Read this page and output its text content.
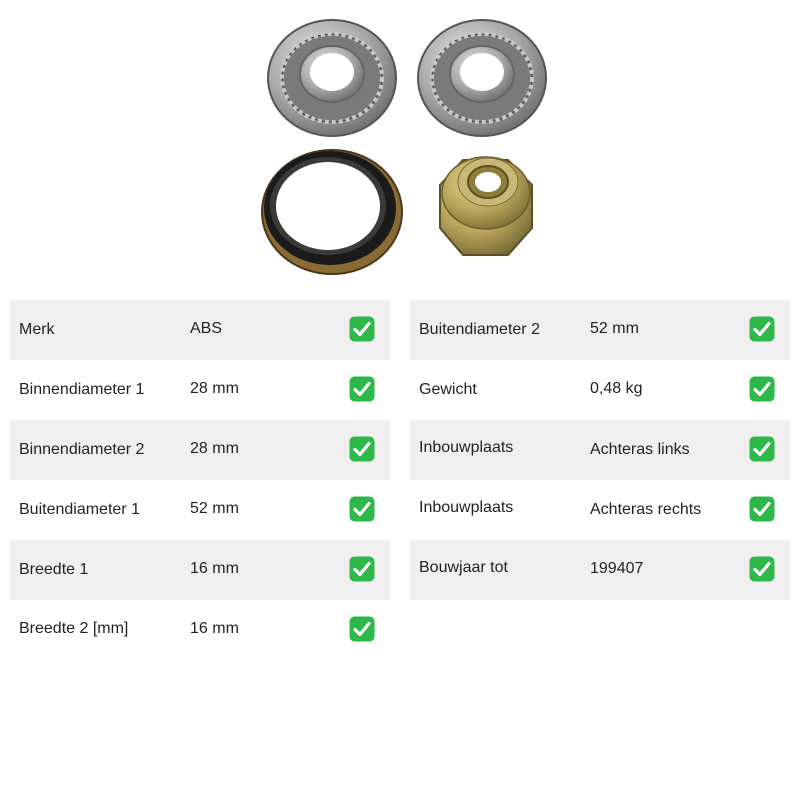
Merk	ABS
Binnendiameter 1	28 mm
Binnendiameter 2	28 mm
Buitendiameter 1	52 mm
Breedte 1	16 mm
Breedte 2 [mm]	16 mm
Buitendiameter 2	52 mm
Gewicht	0,48 kg
Inbouwplaats	Achteras links
Inbouwplaats	Achteras rechts
Bouwjaar tot	199407
